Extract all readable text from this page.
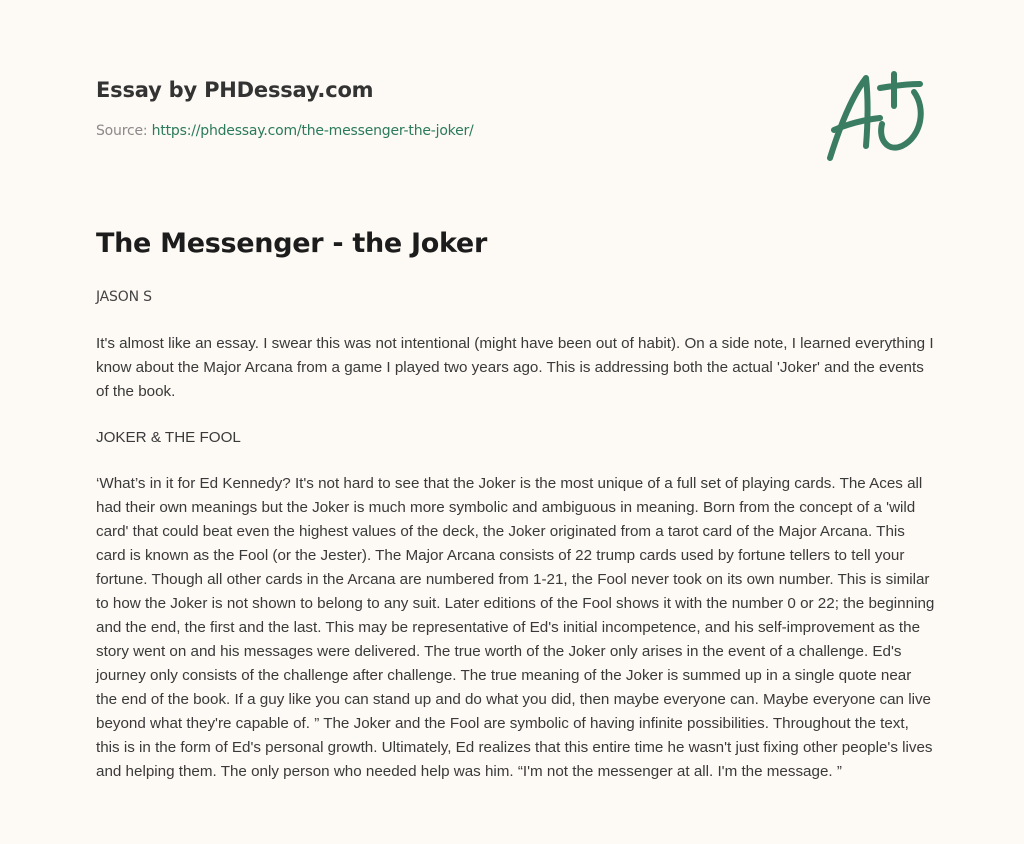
Essay by PHDessay.com
Source: https://phdessay.com/the-messenger-the-joker/
The Messenger - the Joker
JASON S

It's almost like an essay. I swear this was not intentional (might have been out of habit). On a side note, I learned everything I know about the Major Arcana from a game I played two years ago. This is addressing both the actual 'Joker' and the events of the book.

JOKER & THE FOOL

‘What’s in it for Ed Kennedy? It's not hard to see that the Joker is the most unique of a full set of playing cards. The Aces all had their own meanings but the Joker is much more symbolic and ambiguous in meaning. Born from the concept of a 'wild card' that could beat even the highest values of the deck, the Joker originated from a tarot card of the Major Arcana. This card is known as the Fool (or the Jester). The Major Arcana consists of 22 trump cards used by fortune tellers to tell your fortune. Though all other cards in the Arcana are numbered from 1-21, the Fool never took on its own number. This is similar to how the Joker is not shown to belong to any suit. Later editions of the Fool shows it with the number 0 or 22; the beginning and the end, the first and the last. This may be representative of Ed's initial incompetence, and his self-improvement as the story went on and his messages were delivered. The true worth of the Joker only arises in the event of a challenge. Ed's journey only consists of the challenge after challenge. The true meaning of the Joker is summed up in a single quote near the end of the book. If a guy like you can stand up and do what you did, then maybe everyone can. Maybe everyone can live beyond what they're capable of. ” The Joker and the Fool are symbolic of having infinite possibilities. Throughout the text, this is in the form of Ed's personal growth. Ultimately, Ed realizes that this entire time he wasn't just fixing other people's lives and helping them. The only person who needed help was him. “I'm not the messenger at all. I'm the message. ”
